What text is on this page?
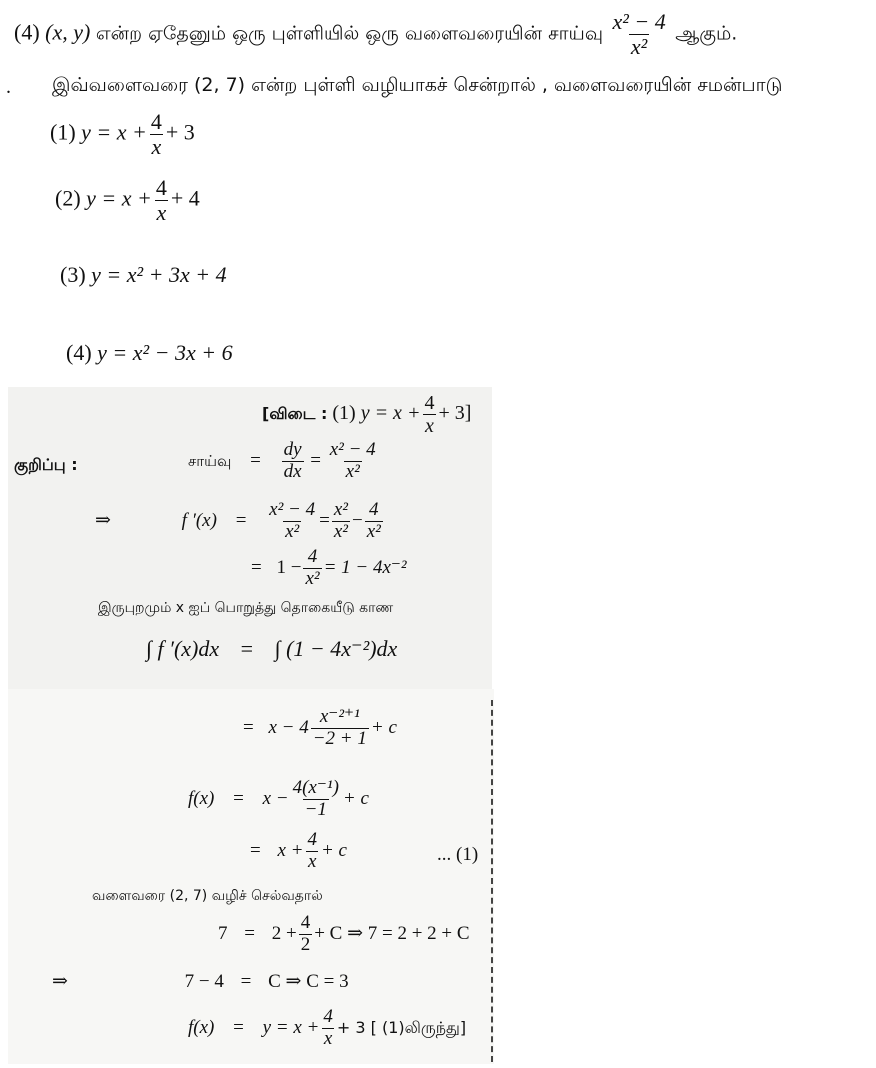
(4) (x, y) என்ற ஏதேனும் ஒரு புள்ளியில் ஒரு வளைவரையின் சாய்வு $\frac{\text{x² − 4}}{\text{x²}}$ ஆகும்.
. இவ்வளைவரை (2, 7) என்ற புள்ளி வழியாகச் சென்றால் , வளைவரையின் சமன்பாடு
(1) $y = x + \frac{4}{x} + 3$
(2) $y = x + \frac{4}{x} + 4$
(3) y = x² + 3x + 4
(4) y = x² − 3x + 6
[விடை : (1) $y = x + \frac{4}{x} + 3$]
குறிப்பு :	சாய்வு = $\frac{dy}{dx} = \frac{\text{x² − 4}}{\text{x²}}$
⇒	f $'(x) = \frac{\text{x² − 4}}{\text{x²}} = \frac{\text{x²}}{\text{x²}} - \frac{4}{\text{x²}}$
= $1 - \frac{4}{\text{x²}} = 1 - 4x^{-2}$
இருபுறமும் x ஐப் பொறுத்து தொகையீடு காண
∫ f ′(x)dx = ∫ (1 − 4x⁻²)dx
= $x - 4 \frac{\text{x⁻²⁺¹}}{-2 + 1} + c$
$f(x) = x - \frac{\text{4(x⁻¹)}}{-1} + c$
= $x + \frac{4}{x} + c$	... (1)
வளைவரை (2, 7) வழிச் செல்வதால்
$7 = 2 + \frac{4}{2} + C$ ⇒ 7 = 2 + 2 + C
⇒	7 − 4 = C ⇒ C = 3
$f(x) = y = x + \frac{4}{x} + 3$ [ (1)லிருந்து]
